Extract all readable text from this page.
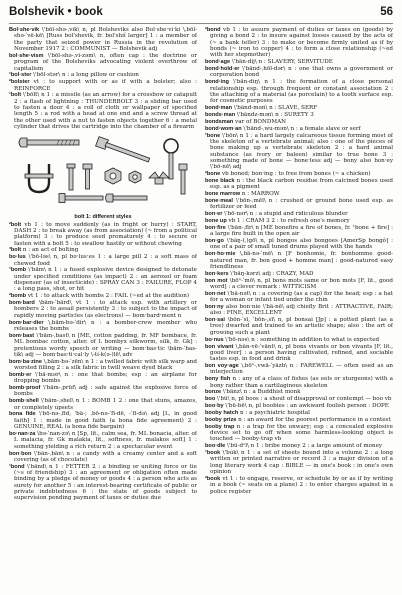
Bolshevik • book	56

Bol·she·vik \'bōl-shə-ˌvik\ n, pl Bolsheviks also Bol·she·vi·ki \ˌbōl-shə-ˈvē-kē\ [Russ bol'shevik, fr. bol'shiĭ larger] 1 : a member of the party that seized power in Russia in the revolution of November 1917 2 : COMMUNIST — Bolshevik adj

bol·she·vism \'bōl-shə-ˌvi-zəm\ n, often cap : the doctrine or program of the Bolsheviks advocating violent overthrow of capitalism

¹bol·ster \'bōl-stər\ n : a long pillow or cushion

²bolster vt : to support with or as if with a bolster; also : REINFORCE

¹bolt \'bōlt\ n 1 : a missile (as an arrow) for a crossbow or catapult 2 : a flash of lightning : THUNDERBOLT 3 : a sliding bar used to fasten a door 4 : a roll of cloth or wallpaper of specified length 5 : a rod with a head at one end and a screw thread at the other used with a nut to fasten objects together 6 : a metal cylinder that drives the cartridge into the chamber of a firearm

bolt 1: different styles

²bolt vb 1 : to move suddenly (as in fright or hurry) : START, DASH 2 : to break away (as from association) (~ from a political platform) 3 : to produce seed prematurely 4 : to secure or fasten with a bolt 5 : to swallow hastily or without chewing

³bolt n : an act of bolting

bo·lus \'bō-ləs\ n, pl bo·lus·es 1 : a large pill 2 : a soft mass of chewed food

¹bomb \'bäm\ n 1 : a fused explosive device designed to detonate under specified conditions (as impact) 2 : an aerosol or foam dispenser (as of insecticide) : SPRAY CAN 3 : FAILURE, FLOP 4 : a long pass, shot, or hit

²bomb vt 1 : to attack with bombs 2 : FAIL (~ed at the audition)

bom·bard \bäm-ˈbärd\ vt 1 : to attack esp. with artillery or bombers 2 : to assail persistently 3 : to subject to the impact of rapidly moving particles (as electrons) — bom·bard·ment n

bom·bar·dier \ˌbäm-bə-ˈdir\ n : a bomber-crew member who releases the bombs

bom·bast \'bäm-ˌbast\ n [ME, cotton padding, fr. MF bombace, fr. ML bombac cotton, alter. of L bombyx silkworm, silk, fr. Gk] : pretentious wordy speech or writing — bom·bas·tic \bäm-ˈbas-tik\ adj — bom·bas·ti·cal·ly \-ti-k(ə-)lē\ adv

bom·ba·zine \ˌbäm-bə-ˈzēn\ n 1 : a twilled fabric with silk warp and worsted filling 2 : a silk fabric in twill weave dyed black

bomb·er \'bä-mər\ n : one that bombs; esp : an airplane for dropping bombs

bomb·proof \'bäm-ˌprüf\ adj : safe against the explosive force of bombs

bomb·shell \'bäm-ˌshel\ n 1 : BOMB 1 2 : one that stuns, amazes, or completely upsets

bona fide \'bō-nə-ˌfīd, 'bä-; ˌbō-nə-ˈfī-dē, -ˈfī-də\ adj [L, in good faith] 1 : made in good faith (a bona fide agreement) 2 : GENUINE, REAL (a bona fide bargain)

bo·nan·za \bə-ˈnan-zə\ n [Sp, lit., calm sea, fr. ML bonacia, alter. of L malacia, fr. Gk malakia, lit., softness, fr. malakos soft] 1 : something yielding a rich return 2 : a spectacular event

bon·bon \'bän-ˌbän\ n : a candy with a creamy center and a soft covering (as of chocolate)

¹bond \'bänd\ n 1 : FETTER 2 : a binding or uniting force or tie (~s of friendship) 3 : an agreement or obligation often made binding by a pledge of money or goods 4 : a person who acts as surety for another 5 : an interest-bearing certificate of public or private indebtedness 6 : the state of goods subject to supervision pending payment of taxes or duties due

²bond vb 1 : to assure payment of duties or taxes on (goods) by giving a bond 2 : to insure against losses caused by the acts of (~ a bank teller) 3 : to make or become firmly united as if by bonds (~ iron to copper) 4 : to form a close relationship (~ed with her stepmother)

bond·age \'bän-dij\ n : SLAVERY, SERVITUDE

bond·hold·er \'bänd-ˌhōl-dər\ n : one that owns a government or corporation bond

bond·ing \'bän-diŋ\ n 1 : the formation of a close personal relationship esp. through frequent or constant association 2 : the attaching of a material (as porcelain) to a tooth surface esp. for cosmetic purposes

bond·man \'bänd-mən\ n : SLAVE, SERF

bonds·man \'bändz-mən\ n : SURETY 3

bondsman var of BONDMAN

bond·wom·an \'bänd-ˌwu-mən\ n : a female slave or serf

¹bone \'bōn\ n 1 : a hard largely calcareous tissue forming most of the skeleton of a vertebrate animal; also : one of the pieces of bone making up a vertebrate skeleton 2 : a hard animal substance (as ivory or baleen) similar to true bone 3 : something made of bone — bone·less adj — bony also bon·ey \'bō-nē\ adj

²bone vb boned; bon·ing : to free from bones (~ a chicken)

bone black n : the black carbon residue from calcined bones used esp. as a pigment

bone marrow n : MARROW

bone·meal \'bōn-ˌmēl\ n : crushed or ground bone used esp. as fertilizer or feed

bon·er \'bō-nər\ n : a stupid and ridiculous blunder

bone up vb 1 : CRAM 3 2 : to refresh one's memory

bon·fire \'bän-ˌfīr\ n [ME bonefire a fire of bones, fr. ¹bone + fire] : a large fire built in the open air

bon·go \'bäŋ-(ˌ)gō\ n, pl bongos also bongoes [AmerSp bongó] : one of a pair of small tuned drums played with the hands

bon·ho·mie \ˌbä-nə-ˈmē\ n [F bonhomie, fr. bonhomme good-natured man, fr. bon good + homme man] : good-natured easy friendliness

bon·kers \'bäŋ-kərz\ adj : CRAZY, MAD

bon mot \bōⁿ-ˈmō\ n, pl bons mots same or bon mots [F, lit., good word] : a clever remark : WITTICISM

bon·net \'bä-nət\ n : a covering (as a cap) for the head; esp : a hat for a woman or infant tied under the chin

bon·ny also bon·nie \'bä-nē\ adj chiefly Brit : ATTRACTIVE, FAIR; also : FINE, EXCELLENT

bon·sai \bōn-ˈsī, ˈbōn-ˌsī\ n, pl bonsai [Jp] : a potted plant (as a tree) dwarfed and trained to an artistic shape; also : the art of growing such a plant

bo·nus \'bō-nəs\ n : something in addition to what is expected

bon vivant \ˌbän-vē-ˈvänt\ n, pl bons vivants or bon vivants [F, lit., good liver] : a person having cultivated, refined, and sociable tastes esp. in food and drink

bon voy·age \ˌbōⁿ-ˌvwä-ˈyäzh\ n : FAREWELL — often used as an interjection

bony fish n : any of a class of fishes (as eels or sturgeons) with a bony rather than a cartilaginous skeleton

bonze \'bänz\ n : a Buddhist monk

boo \'bü\ n, pl boos : a shout of disapproval or contempt — boo vb

boo·by \'bü-bē\ n, pl boobies : an awkward foolish person : DOPE

booby hatch n : a psychiatric hospital

booby prize n : an award for the poorest performance in a contest

booby trap n : a trap for the unwary; esp : a concealed explosive device set to go off when some harmless-looking object is touched — booby-trap vb

boo·dle \'bü-dᵊl\ n 1 : bribe money 2 : a large amount of money

¹book \'bu̇k\ n 1 : a set of sheets bound into a volume 2 : a long written or printed narrative or record 3 : a major division of a long literary work 4 cap : BIBLE — in one's book : in one's own opinion

²book vt 1 : to engage, reserve, or schedule by or as if by writing in a book (~ seats on a plane) 2 : to enter charges against in a police register
